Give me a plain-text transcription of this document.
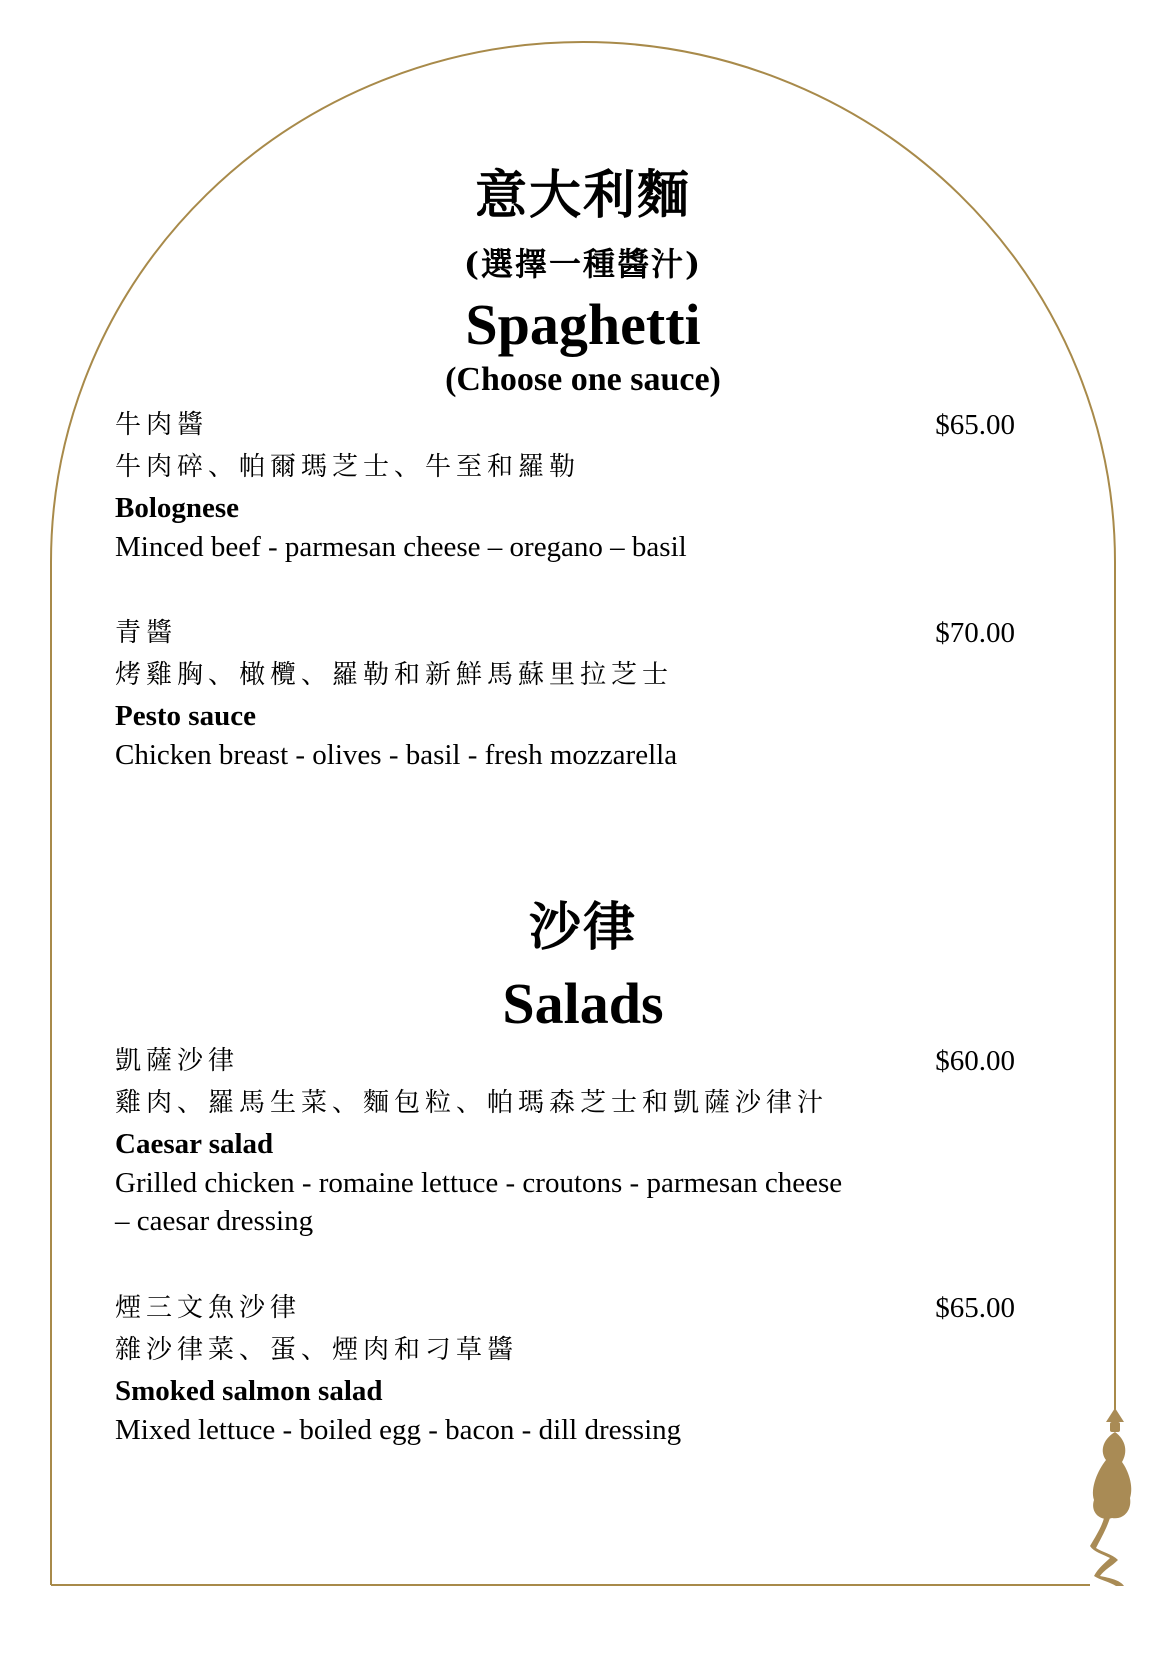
意大利麵
(選擇一種醬汁)
Spaghetti
(Choose one sauce)
牛肉醬
牛肉碎、帕爾瑪芝士、牛至和羅勒
Bolognese
Minced beef - parmesan cheese – oregano – basil
$65.00
青醬
烤雞胸、橄欖、羅勒和新鮮馬蘇里拉芝士
Pesto sauce
Chicken breast - olives - basil - fresh mozzarella
$70.00
沙律
Salads
凱薩沙律
雞肉、羅馬生菜、麵包粒、帕瑪森芝士和凱薩沙律汁
Caesar salad
Grilled chicken - romaine lettuce - croutons - parmesan cheese – caesar dressing
$60.00
煙三文魚沙律
雜沙律菜、蛋、煙肉和刁草醬
Smoked salmon salad
Mixed lettuce - boiled egg - bacon - dill dressing
$65.00
